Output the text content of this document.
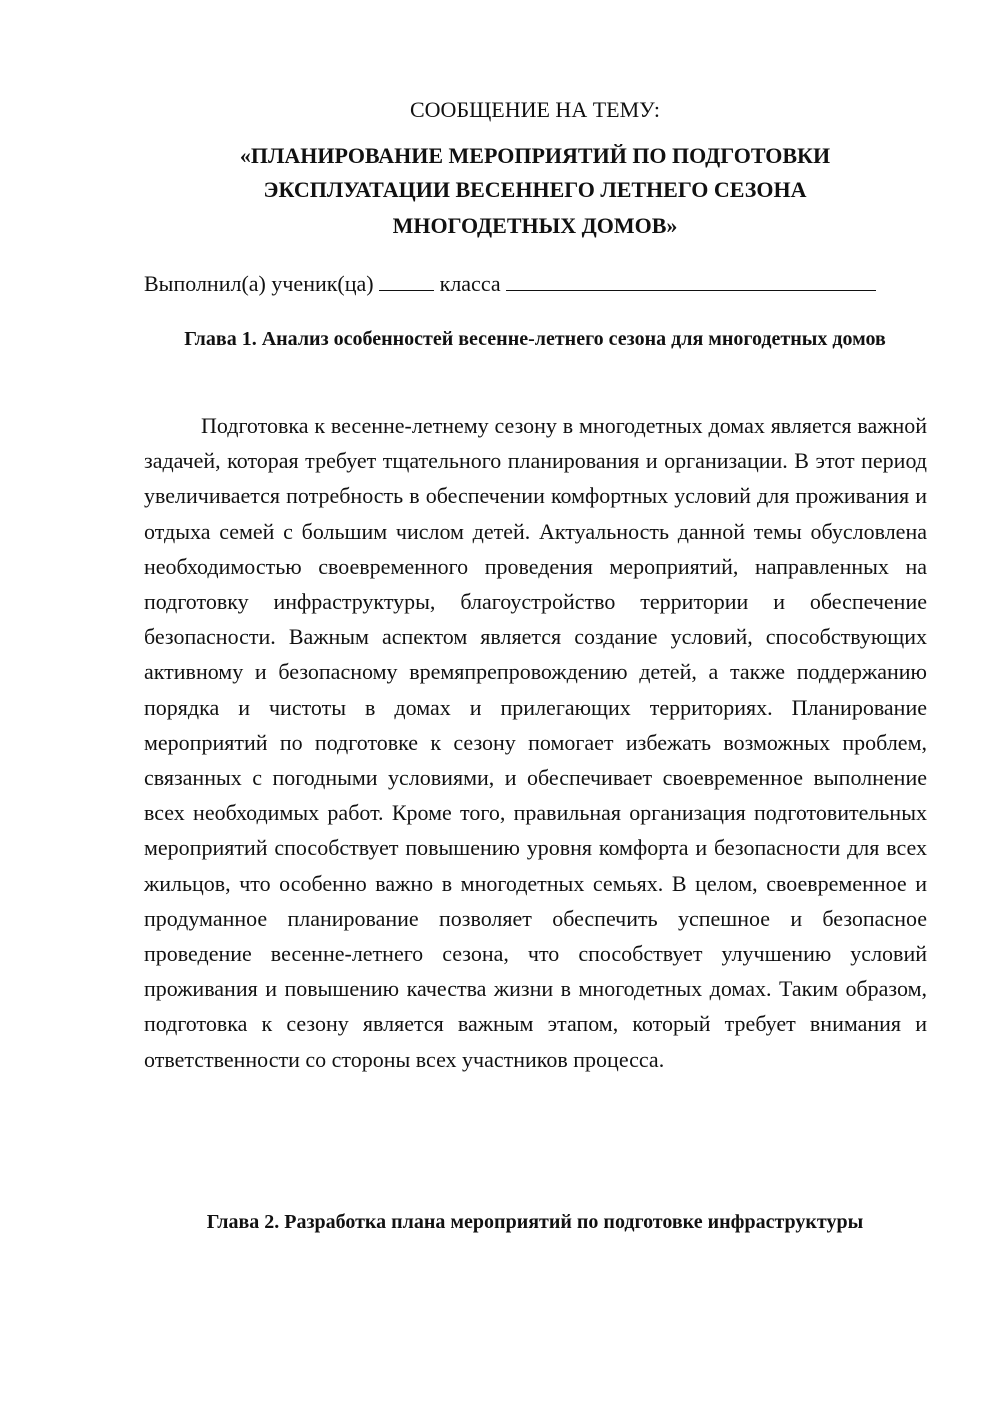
СООБЩЕНИЕ НА ТЕМУ:

«ПЛАНИРОВАНИЕ МЕРОПРИЯТИЙ ПО ПОДГОТОВКИ

ЭКСПЛУАТАЦИИ ВЕСЕННЕГО ЛЕТНЕГО СЕЗОНА

МНОГОДЕТНЫХ ДОМОВ»

Выполнил(а) ученик(ца)	класса

Глава 1. Анализ особенностей весенне-летнего сезона для многодетных домов

Подготовка к весенне-летнему сезону в многодетных домах является важной задачей, которая требует тщательного планирования и организации. В этот период увеличивается потребность в обеспечении комфортных условий для проживания и отдыха семей с большим числом детей. Актуальность данной темы обусловлена необходимостью своевременного проведения мероприятий, направленных на подготовку инфраструктуры, благоустройство территории и обеспечение безопасности. Важным аспектом является создание условий, способствующих активному и безопасному времяпрепровождению детей, а также поддержанию порядка и чистоты в домах и прилегающих территориях. Планирование мероприятий по подготовке к сезону помогает избежать возможных проблем, связанных с погодными условиями, и обеспечивает своевременное выполнение всех необходимых работ. Кроме того, правильная организация подготовительных мероприятий способствует повышению уровня комфорта и безопасности для всех жильцов, что особенно важно в многодетных семьях. В целом, своевременное и продуманное планирование позволяет обеспечить успешное и безопасное проведение весенне-летнего сезона, что способствует улучшению условий проживания и повышению качества жизни в многодетных домах. Таким образом, подготовка к сезону является важным этапом, который требует внимания и ответственности со стороны всех участников процесса.

Глава 2. Разработка плана мероприятий по подготовке инфраструктуры
